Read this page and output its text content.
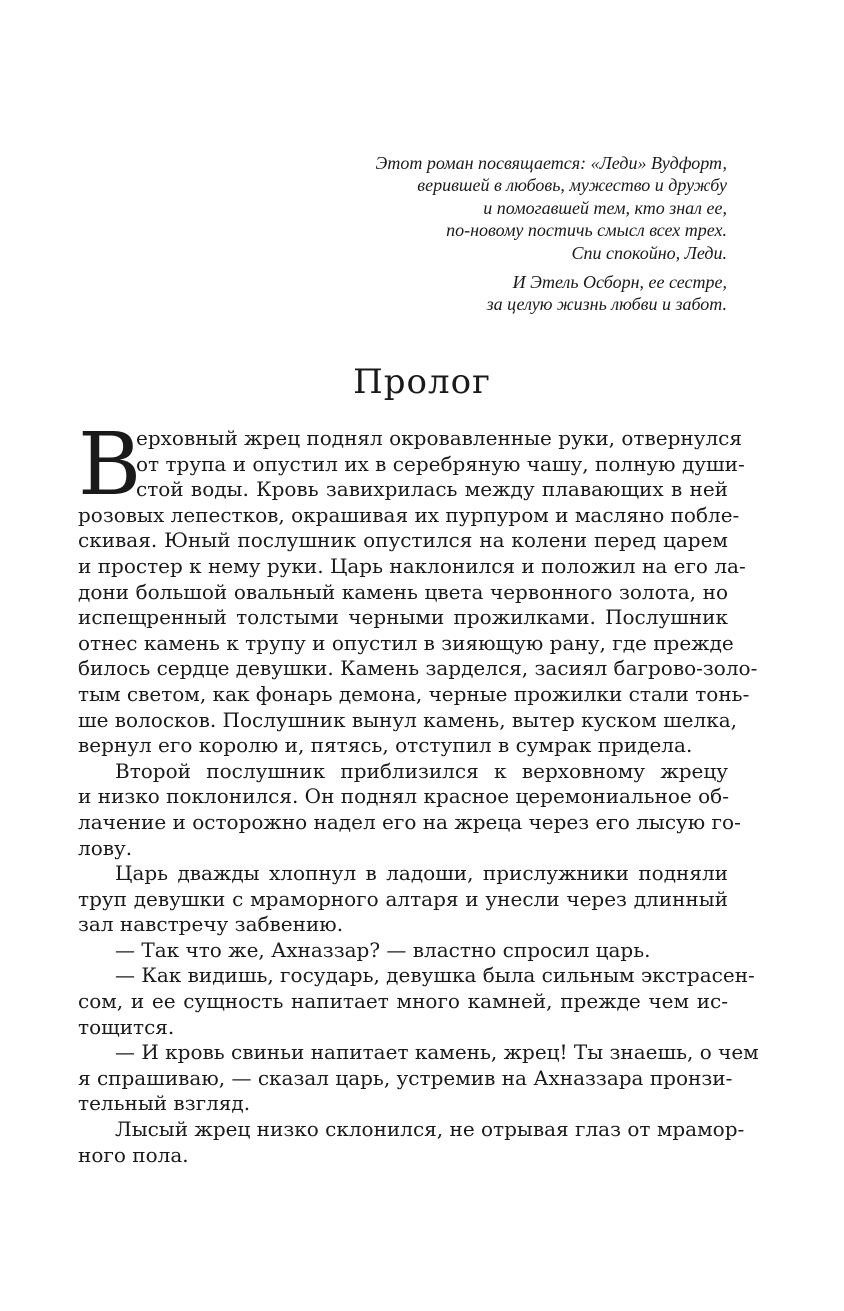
Этот роман посвящается: «Леди» Вудфорт,
верившей в любовь, мужество и дружбу
и помогавшей тем, кто знал ее,
по-новому постичь смысл всех трех.
Спи спокойно, Леди.
И Этель Осборн, ее сестре,
за целую жизнь любви и забот.
Пролог

В
ерховный жрец поднял окровавленные руки, отвернулся
от трупа и опустил их в серебряную чашу, полную души-
стой воды. Кровь завихрилась между плавающих в ней
розовых лепестков, окрашивая их пурпуром и масляно побле-
скивая. Юный послушник опустился на колени перед царем
и простер к нему руки. Царь наклонился и положил на его ла-
дони большой овальный камень цвета червонного золота, но
испещренный толстыми черными прожилками. Послушник
отнес камень к трупу и опустил в зияющую рану, где прежде
билось сердце девушки. Камень зарделся, засиял багрово-золо-
тым светом, как фонарь демона, черные прожилки стали тонь-
ше волосков. Послушник вынул камень, вытер куском шелка,
вернул его королю и, пятясь, отступил в сумрак придела.

Второй послушник приблизился к верховному жрецу
и низко поклонился. Он поднял красное церемониальное об-
лачение и осторожно надел его на жреца через его лысую го-
лову.

Царь дважды хлопнул в ладоши, прислужники подняли
труп девушки с мраморного алтаря и унесли через длинный
зал навстречу забвению.

— Так что же, Ахназзар? — властно спросил царь.

— Как видишь, государь, девушка была сильным экстрасен-
сом, и ее сущность напитает много камней, прежде чем ис-
тощится.

— И кровь свиньи напитает камень, жрец! Ты знаешь, о чем
я спрашиваю, — сказал царь, устремив на Ахназзара пронзи-
тельный взгляд.

Лысый жрец низко склонился, не отрывая глаз от мрамор-
ного пола.
